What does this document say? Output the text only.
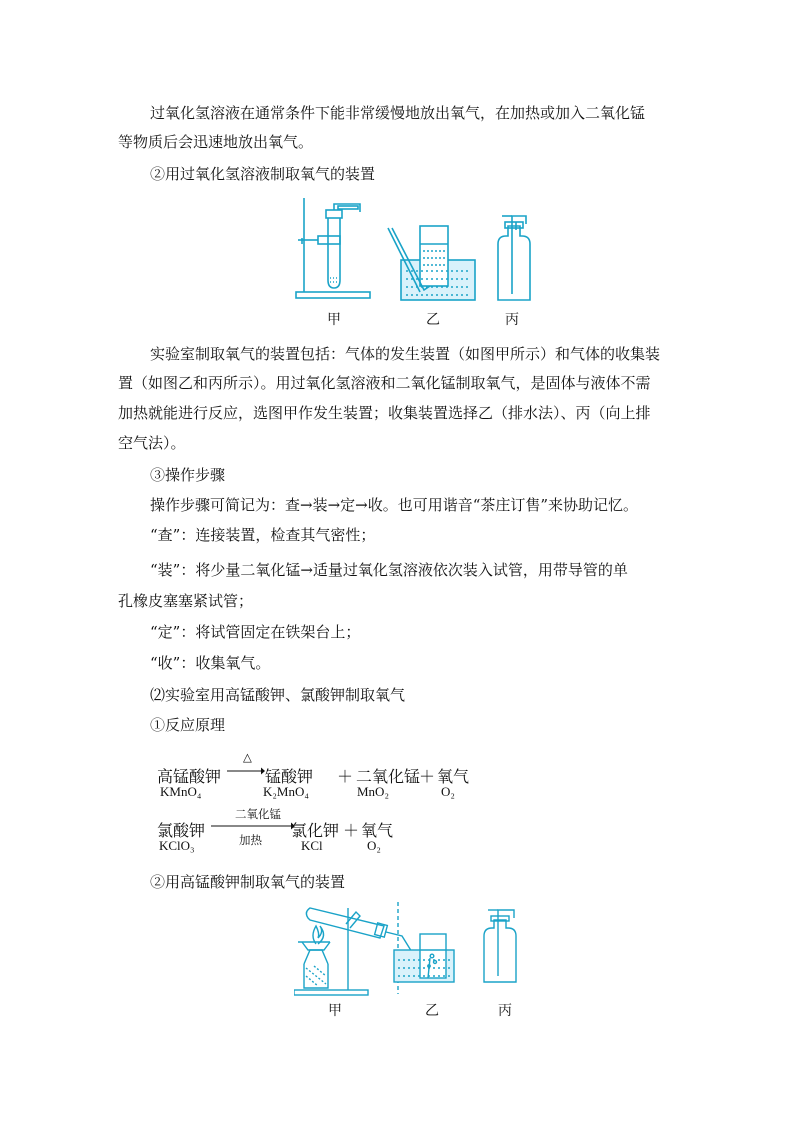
过氧化氢溶液在通常条件下能非常缓慢地放出氧气，在加热或加入二氧化锰
等物质后会迅速地放出氧气。
②用过氧化氢溶液制取氧气的装置
甲	乙	丙
实验室制取氧气的装置包括：气体的发生装置（如图甲所示）和气体的收集装
置（如图乙和丙所示）。用过氧化氢溶液和二氧化锰制取氧气，是固体与液体不需
加热就能进行反应，选图甲作发生装置；收集装置选择乙（排水法）、丙（向上排
空气法）。
③操作步骤
操作步骤可简记为：查→装→定→收。也可用谐音“茶庄订售”来协助记忆。
“查”：连接装置，检查其气密性；
“装”：将少量二氧化锰→适量过氧化氢溶液依次装入试管，用带导管的单
孔橡皮塞塞紧试管；
“定”：将试管固定在铁架台上；
“收”：收集氧气。
⑵实验室用高锰酸钾、氯酸钾制取氧气
①反应原理
高锰酸钾
KMnO₄
△
锰酸钾
K₂MnO₄
＋ 二氧化锰
MnO₂
＋ 氧气
O₂
氯酸钾
KClO₃
二氧化锰
加热
氯化钾
KCl
＋ 氧气
O₂
②用高锰酸钾制取氧气的装置
甲	乙	丙
